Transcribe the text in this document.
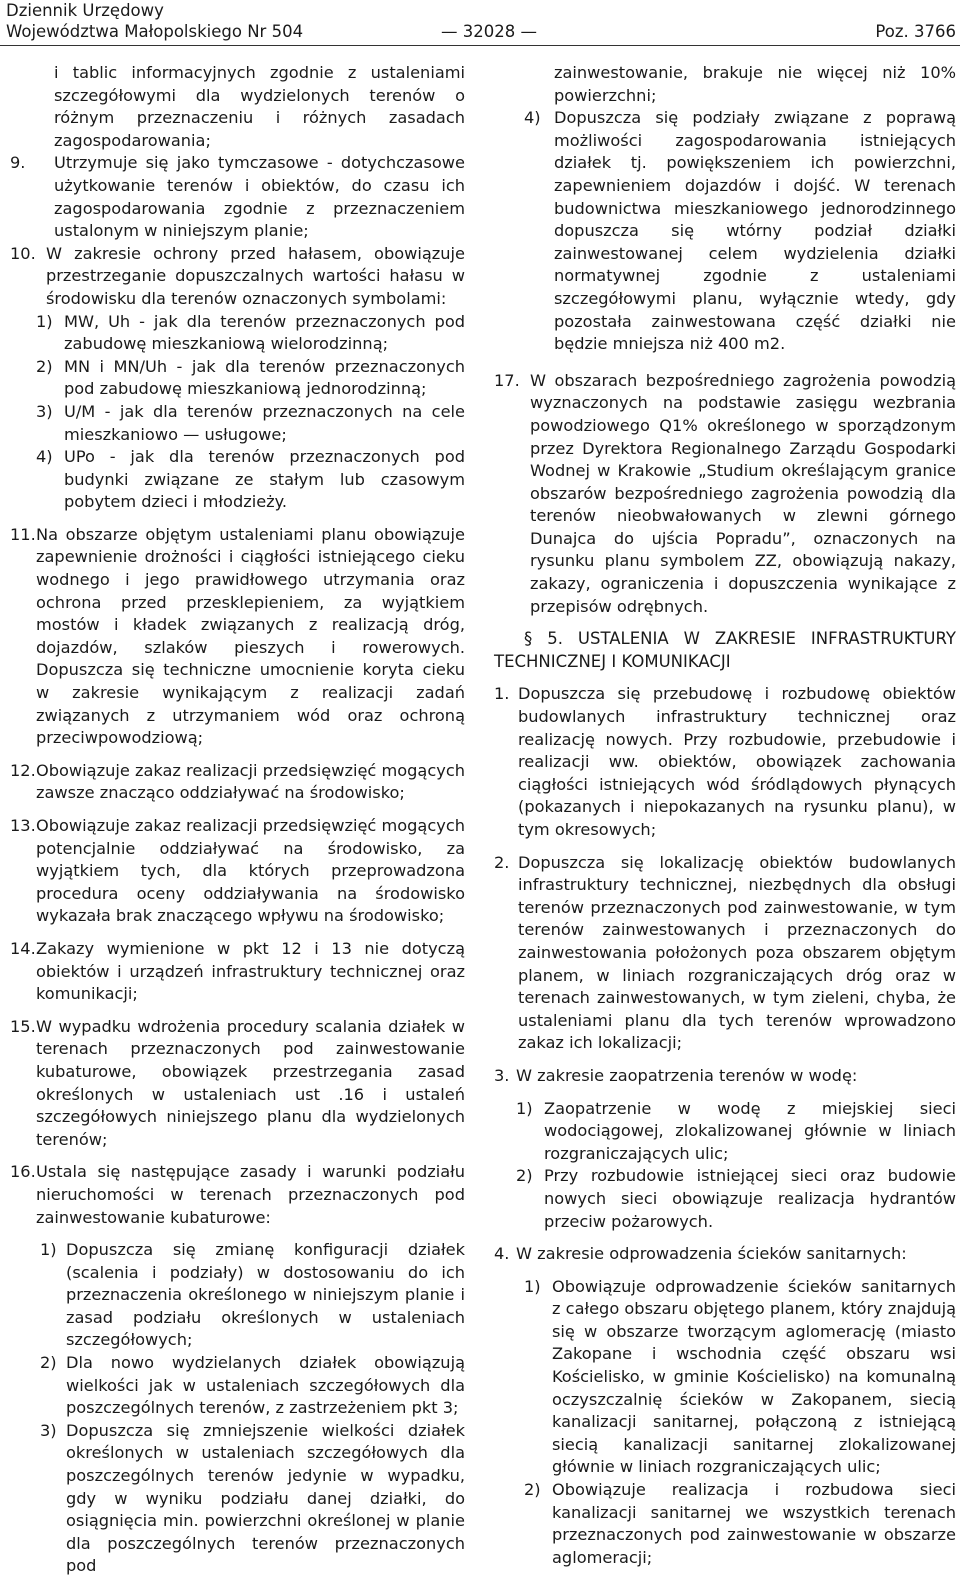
Dziennik Urzędowy
Województwa Małopolskiego Nr 504	— 32028 —	Poz. 3766

i tablic informacyjnych zgodnie z ustaleniami szczegółowymi dla wydzielonych terenów o różnym przeznaczeniu i różnych zasadach zagospodarowania;

9.	Utrzymuje się jako tymczasowe - dotychczasowe użytkowanie terenów i obiektów, do czasu ich zagospodarowania zgodnie z przeznaczeniem ustalonym w niniejszym planie;
10. W zakresie ochrony przed hałasem, obowiązuje przestrzeganie dopuszczalnych wartości hałasu w środowisku dla terenów oznaczonych symbolami:
1) MW, Uh - jak dla terenów przeznaczonych pod zabudowę mieszkaniową wielorodzinną;
2) MN i MN/Uh - jak dla terenów przeznaczonych pod zabudowę mieszkaniową jednorodzinną;
3) U/M - jak dla terenów przeznaczonych na cele mieszkaniowo — usługowe;
4) UPo - jak dla terenów przeznaczonych pod budynki związane ze stałym lub czasowym pobytem dzieci i młodzieży.
11. Na obszarze objętym ustaleniami planu obowiązuje zapewnienie drożności i ciągłości istniejącego cieku wodnego i jego prawidłowego utrzymania oraz ochrona przed przesklepieniem, za wyjątkiem mostów i kładek związanych z realizacją dróg, dojazdów, szlaków pieszych i rowerowych. Dopuszcza się techniczne umocnienie koryta cieku w zakresie wynikającym z realizacji zadań związanych z utrzymaniem wód oraz ochroną przeciwpowodziową;
12. Obowiązuje zakaz realizacji przedsięwzięć mogących zawsze znacząco oddziaływać na środowisko;
13. Obowiązuje zakaz realizacji przedsięwzięć mogących potencjalnie oddziaływać na środowisko, za wyjątkiem tych, dla których przeprowadzona procedura oceny oddziaływania na środowisko wykazała brak znaczącego wpływu na środowisko;
14. Zakazy wymienione w pkt 12 i 13 nie dotyczą obiektów i urządzeń infrastruktury technicznej oraz komunikacji;
15. W wypadku wdrożenia procedury scalania działek w terenach przeznaczonych pod zainwestowanie kubaturowe, obowiązek przestrzegania zasad określonych w ustaleniach ust .16 i ustaleń szczegółowych niniejszego planu dla wydzielonych terenów;
16. Ustala się następujące zasady i warunki podziału nieruchomości w terenach przeznaczonych pod zainwestowanie kubaturowe:
1) Dopuszcza się zmianę konfiguracji działek (scalenia i podziały) w dostosowaniu do ich przeznaczenia określonego w niniejszym planie i zasad podziału określonych w ustaleniach szczegółowych;
2) Dla nowo wydzielanych działek obowiązują wielkości jak w ustaleniach szczegółowych dla poszczególnych terenów, z zastrzeżeniem pkt 3;
3) Dopuszcza się zmniejszenie wielkości działek określonych w ustaleniach szczegółowych dla poszczególnych terenów jedynie w wypadku, gdy w wyniku podziału danej działki, do osiągnięcia min. powierzchni określonej w planie dla poszczególnych terenów przeznaczonych pod

zainwestowanie, brakuje nie więcej niż 10% powierzchni;

4) Dopuszcza się podziały związane z poprawą możliwości zagospodarowania istniejących działek tj. powiększeniem ich powierzchni, zapewnieniem dojazdów i dojść. W terenach budownictwa mieszkaniowego jednorodzinnego dopuszcza się wtórny podział działki zainwestowanej celem wydzielenia działki normatywnej zgodnie z ustaleniami szczegółowymi planu, wyłącznie wtedy, gdy pozostała zainwestowana część działki nie będzie mniejsza niż 400 m2.
17. W obszarach bezpośredniego zagrożenia powodzią wyznaczonych na podstawie zasięgu wezbrania powodziowego Q1% określonego w sporządzonym przez Dyrektora Regionalnego Zarządu Gospodarki Wodnej w Krakowie „Studium określającym granice obszarów bezpośredniego zagrożenia powodzią dla terenów nieobwałowanych w zlewni górnego Dunajca do ujścia Popradu”, oznaczonych na rysunku planu symbolem ZZ, obowiązują nakazy, zakazy, ograniczenia i dopuszczenia wynikające z przepisów odrębnych.

§ 5. USTALENIA W ZAKRESIE INFRASTRUKTURY TECHNICZNEJ I KOMUNIKACJI

1. Dopuszcza się przebudowę i rozbudowę obiektów budowlanych infrastruktury technicznej oraz realizację nowych. Przy rozbudowie, przebudowie i realizacji ww. obiektów, obowiązek zachowania ciągłości istniejących wód śródlądowych płynących (pokazanych i niepokazanych na rysunku planu), w tym okresowych;
2. Dopuszcza się lokalizację obiektów budowlanych infrastruktury technicznej, niezbędnych dla obsługi terenów przeznaczonych pod zainwestowanie, w tym terenów zainwestowanych i przeznaczonych do zainwestowania położonych poza obszarem objętym planem, w liniach rozgraniczających dróg oraz w terenach zainwestowanych, w tym zieleni, chyba, że ustaleniami planu dla tych terenów wprowadzono zakaz ich lokalizacji;
3. W zakresie zaopatrzenia terenów w wodę:
1) Zaopatrzenie w wodę z miejskiej sieci wodociągowej, zlokalizowanej głównie w liniach rozgraniczających ulic;
2) Przy rozbudowie istniejącej sieci oraz budowie nowych sieci obowiązuje realizacja hydrantów przeciw pożarowych.
4. W zakresie odprowadzenia ścieków sanitarnych:
1) Obowiązuje odprowadzenie ścieków sanitarnych z całego obszaru objętego planem, który znajdują się w obszarze tworzącym aglomerację (miasto Zakopane i wschodnia część obszaru wsi Kościelisko, w gminie Kościelisko) na komunalną oczyszczalnię ścieków w Zakopanem, siecią kanalizacji sanitarnej, połączoną z istniejącą siecią kanalizacji sanitarnej zlokalizowanej głównie w liniach rozgraniczających ulic;
2) Obowiązuje realizacja i rozbudowa sieci kanalizacji sanitarnej we wszystkich terenach przeznaczonych pod zainwestowanie w obszarze aglomeracji;
